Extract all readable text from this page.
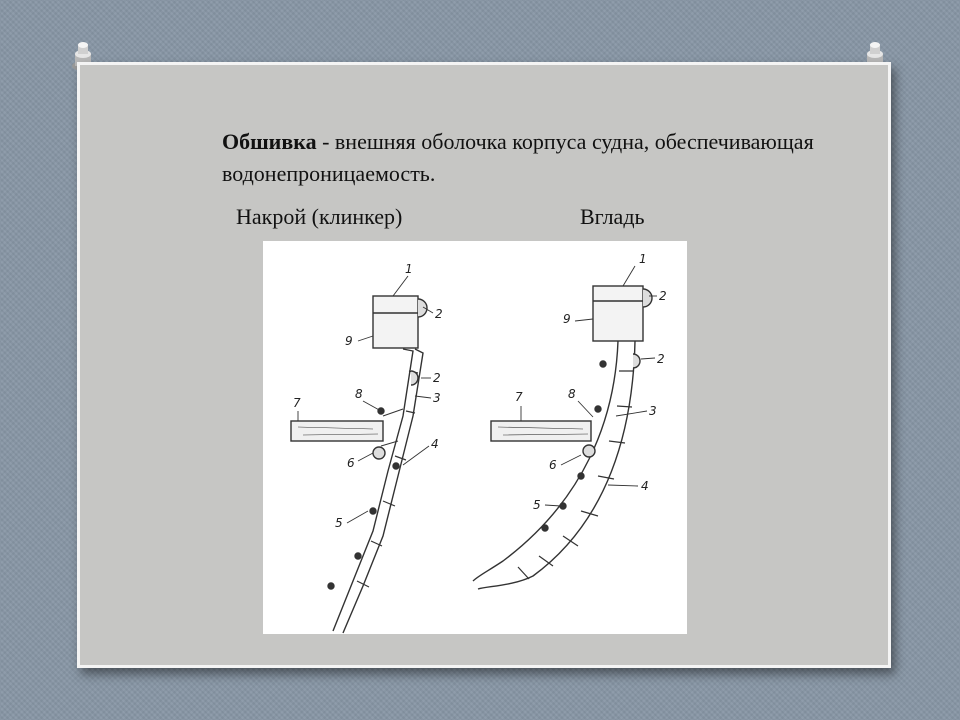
Обшивка - внешняя оболочка корпуса судна, обеспечивающая водонепроницаемость.
Накрой (клинкер)	Вгладь
1
2
9
2
3
7
8
4
6
5
1
2
9
2
7	8
3
6
4
5
